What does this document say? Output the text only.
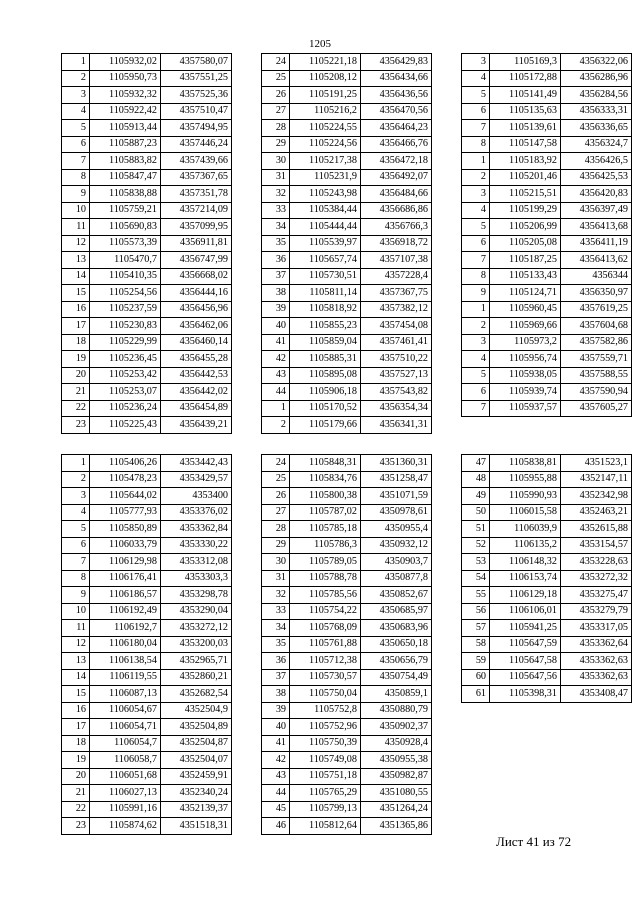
1205
1	1105932,02	4357580,07
2	1105950,73	4357551,25
3	1105932,32	4357525,36
4	1105922,42	4357510,47
5	1105913,44	4357494,95
6	1105887,23	4357446,24
7	1105883,82	4357439,66
8	1105847,47	4357367,65
9	1105838,88	4357351,78
10	1105759,21	4357214,09
11	1105690,83	4357099,95
12	1105573,39	4356911,81
13	1105470,7	4356747,99
14	1105410,35	4356668,02
15	1105254,56	4356444,16
16	1105237,59	4356456,96
17	1105230,83	4356462,06
18	1105229,99	4356460,14
19	1105236,45	4356455,28
20	1105253,42	4356442,53
21	1105253,07	4356442,02
22	1105236,24	4356454,89
23	1105225,43	4356439,21
24	1105221,18	4356429,83
25	1105208,12	4356434,66
26	1105191,25	4356436,56
27	1105216,2	4356470,56
28	1105224,55	4356464,23
29	1105224,56	4356466,76
30	1105217,38	4356472,18
31	1105231,9	4356492,07
32	1105243,98	4356484,66
33	1105384,44	4356686,86
34	1105444,44	4356766,3
35	1105539,97	4356918,72
36	1105657,74	4357107,38
37	1105730,51	4357228,4
38	1105811,14	4357367,75
39	1105818,92	4357382,12
40	1105855,23	4357454,08
41	1105859,04	4357461,41
42	1105885,31	4357510,22
43	1105895,08	4357527,13
44	1105906,18	4357543,82
1	1105170,52	4356354,34
2	1105179,66	4356341,31
3	1105169,3	4356322,06
4	1105172,88	4356286,96
5	1105141,49	4356284,56
6	1105135,63	4356333,31
7	1105139,61	4356336,65
8	1105147,58	4356324,7
1	1105183,92	4356426,5
2	1105201,46	4356425,53
3	1105215,51	4356420,83
4	1105199,29	4356397,49
5	1105206,99	4356413,68
6	1105205,08	4356411,19
7	1105187,25	4356413,62
8	1105133,43	4356344
9	1105124,71	4356350,97
1	1105960,45	4357619,25
2	1105969,66	4357604,68
3	1105973,2	4357582,86
4	1105956,74	4357559,71
5	1105938,05	4357588,55
6	1105939,74	4357590,94
7	1105937,57	4357605,27
1	1105406,26	4353442,43
2	1105478,23	4353429,57
3	1105644,02	4353400
4	1105777,93	4353376,02
5	1105850,89	4353362,84
6	1106033,79	4353330,22
7	1106129,98	4353312,08
8	1106176,41	4353303,3
9	1106186,57	4353298,78
10	1106192,49	4353290,04
11	1106192,7	4353272,12
12	1106180,04	4353200,03
13	1106138,54	4352965,71
14	1106119,55	4352860,21
15	1106087,13	4352682,54
16	1106054,67	4352504,9
17	1106054,71	4352504,89
18	1106054,7	4352504,87
19	1106058,7	4352504,07
20	1106051,68	4352459,91
21	1106027,13	4352340,24
22	1105991,16	4352139,37
23	1105874,62	4351518,31
24	1105848,31	4351360,31
25	1105834,76	4351258,47
26	1105800,38	4351071,59
27	1105787,02	4350978,61
28	1105785,18	4350955,4
29	1105786,3	4350932,12
30	1105789,05	4350903,7
31	1105788,78	4350877,8
32	1105785,56	4350852,67
33	1105754,22	4350685,97
34	1105768,09	4350683,96
35	1105761,88	4350650,18
36	1105712,38	4350656,79
37	1105730,57	4350754,49
38	1105750,04	4350859,1
39	1105752,8	4350880,79
40	1105752,96	4350902,37
41	1105750,39	4350928,4
42	1105749,08	4350955,38
43	1105751,18	4350982,87
44	1105765,29	4351080,55
45	1105799,13	4351264,24
46	1105812,64	4351365,86
47	1105838,81	4351523,1
48	1105955,88	4352147,11
49	1105990,93	4352342,98
50	1106015,58	4352463,21
51	1106039,9	4352615,88
52	1106135,2	4353154,57
53	1106148,32	4353228,63
54	1106153,74	4353272,32
55	1106129,18	4353275,47
56	1106106,01	4353279,79
57	1105941,25	4353317,05
58	1105647,59	4353362,64
59	1105647,58	4353362,63
60	1105647,56	4353362,63
61	1105398,31	4353408,47
Лист 41 из 72
